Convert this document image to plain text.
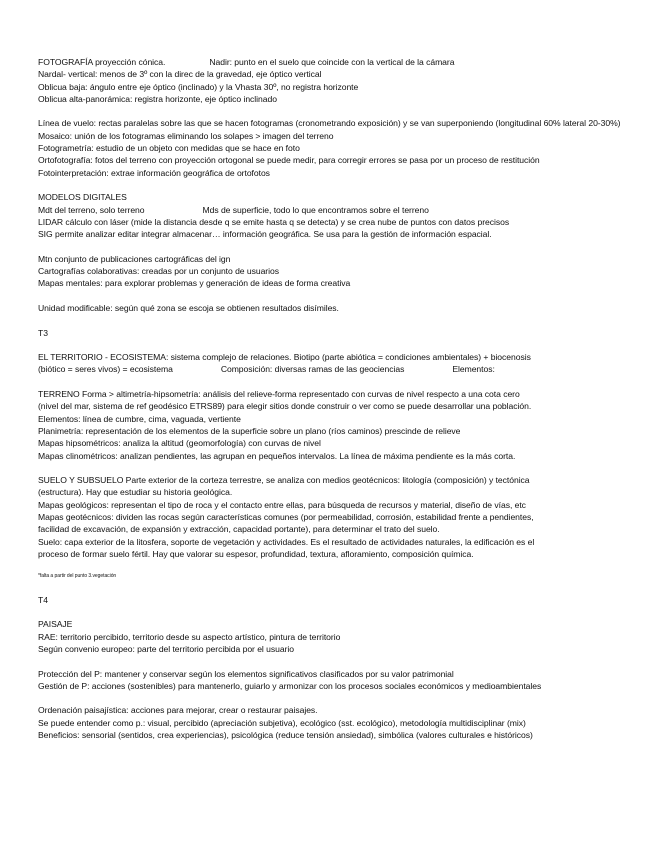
FOTOGRAFÍA proyección cónica.	Nadir: punto en el suelo que coincide con la vertical de la cámara
Nardal- vertical: menos de 3º con la direc de la gravedad, eje óptico vertical
Oblicua baja: ángulo entre eje óptico (inclinado) y la Vhasta 30º, no registra horizonte
Oblicua alta-panorámica: registra horizonte, eje óptico inclinado
Línea de vuelo: rectas paralelas sobre las que se hacen fotogramas (cronometrando exposición) y se van superponiendo (longitudinal 60% lateral 20-30%)
Mosaico: unión de los fotogramas eliminando los solapes > imagen del terreno
Fotogrametría: estudio de un objeto con medidas que se hace en foto
Ortofotografía: fotos del terreno con proyección ortogonal se puede medir, para corregir errores se pasa por un proceso de restitución
Fotointerpretación: extrae información geográfica de ortofotos
MODELOS DIGITALES
Mdt del terreno, solo terreno	Mds de superficie, todo lo que encontramos sobre el terreno
LIDAR cálculo con láser (mide la distancia desde q se emite hasta q se detecta) y se crea nube de puntos con datos precisos
SIG permite analizar editar integrar almacenar… información geográfica. Se usa para la gestión de información espacial.
Mtn conjunto de publicaciones cartográficas del ign
Cartografías colaborativas: creadas por un conjunto de usuarios
Mapas mentales: para explorar problemas y generación de ideas de forma creativa
Unidad modificable: según qué zona se escoja se obtienen resultados disímiles.
T3
EL TERRITORIO - ECOSISTEMA: sistema complejo de relaciones. Biotipo (parte abiótica = condiciones ambientales) + biocenosis
(biótico = seres vivos) = ecosistema	Composición: diversas ramas de las geociencias	Elementos:
TERRENO Forma > altimetría-hipsometría: análisis del relieve-forma representado con curvas de nivel respecto a una cota cero
(nivel del mar, sistema de ref geodésico ETRS89) para elegir sitios donde construir o ver como se puede desarrollar una población.
Elementos: línea de cumbre, cima, vaguada, vertiente
Planimetría: representación de los elementos de la superficie sobre un plano (ríos caminos) prescinde de relieve
Mapas hipsométricos: analiza la altitud (geomorfología) con curvas de nivel
Mapas clinométricos: analizan pendientes, las agrupan en pequeños intervalos. La línea de máxima pendiente es la más corta.
SUELO Y SUBSUELO Parte exterior de la corteza terrestre, se analiza con medios geotécnicos: litología (composición) y tectónica
(estructura). Hay que estudiar su historia geológica.
Mapas geológicos: representan el tipo de roca y el contacto entre ellas, para búsqueda de recursos y material, diseño de vías, etc
Mapas geotécnicos: dividen las rocas según características comunes (por permeabilidad, corrosión, estabilidad frente a pendientes,
facilidad de excavación, de expansión y extracción, capacidad portante), para determinar el trato del suelo.
Suelo: capa exterior de la litosfera, soporte de vegetación y actividades. Es el resultado de actividades naturales, la edificación es el
proceso de formar suelo fértil. Hay que valorar su espesor, profundidad, textura, afloramiento, composición química.
*falta a partir del punto 3.vegetación
T4
PAISAJE
RAE: territorio percibido, territorio desde su aspecto artístico, pintura de territorio
Según convenio europeo: parte del territorio percibida por el usuario
Protección del P: mantener y conservar según los elementos significativos clasificados por su valor patrimonial
Gestión de P: acciones (sostenibles) para mantenerlo, guiarlo y armonizar con los procesos sociales económicos y medioambientales
Ordenación paisajística: acciones para mejorar, crear o restaurar paisajes.
Se puede entender como p.: visual, percibido (apreciación subjetiva), ecológico (sst. ecológico), metodología multidisciplinar (mix)
Beneficios: sensorial (sentidos, crea experiencias), psicológica (reduce tensión ansiedad), simbólica (valores culturales e históricos)
